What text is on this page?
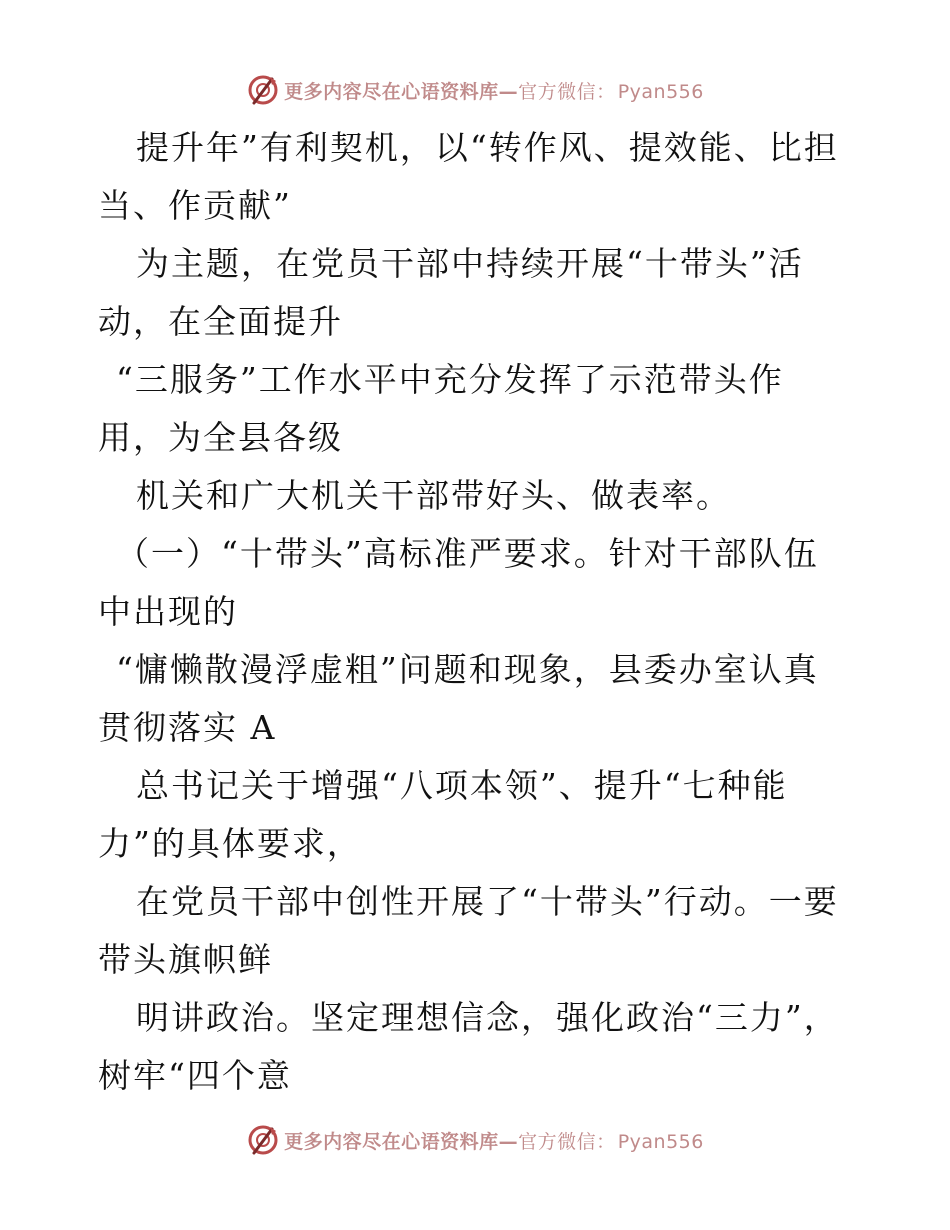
更多内容尽在心语资料库—官方微信： Pyan556
提升年”有利契机，以“转作风、提效能、比担
当、作贡献”
为主题，在党员干部中持续开展“十带头”活
动，在全面提升
“三服务”工作水平中充分发挥了示范带头作
用，为全县各级
机关和广大机关干部带好头、做表率。
（一）“十带头”高标准严要求。针对干部队伍
中出现的
“慵懒散漫浮虚粗”问题和现象，县委办室认真
贯彻落实 A
总书记关于增强“八项本领”、提升“七种能
力”的具体要求，
在党员干部中创性开展了“十带头”行动。一要
带头旗帜鲜
明讲政治。坚定理想信念，强化政治“三力”，
树牢“四个意
更多内容尽在心语资料库—官方微信： Pyan556
